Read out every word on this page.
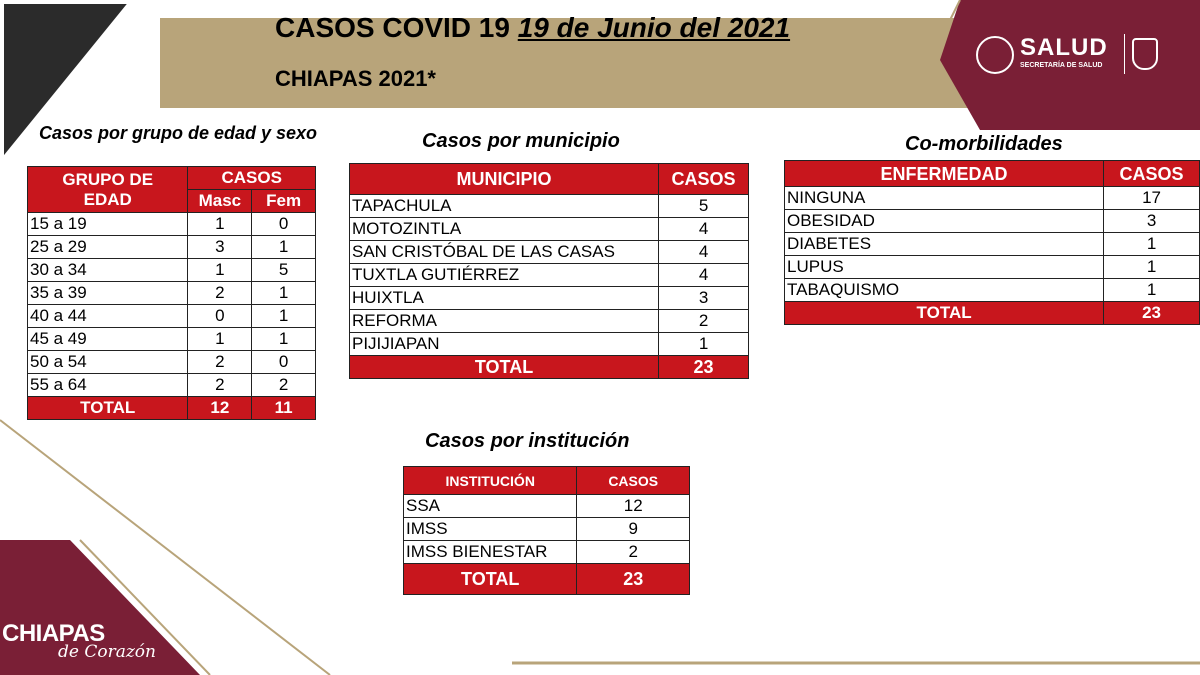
CASOS COVID 19 19 de Junio del 2021
CHIAPAS 2021*
SALUD
SECRETARÍA DE SALUD
CHIAPAS
de Corazón
Casos por grupo de edad y sexo
GRUPO DE EDAD	CASOS	
	Masc	Fem
15 a 19	1	0
25 a 29	3	1
30 a 34	1	5
35 a 39	2	1
40 a 44	0	1
45 a 49	1	1
50 a 54	2	0
55 a 64	2	2
TOTAL	12	11
Casos por municipio
MUNICIPIO	CASOS
TAPACHULA	5
MOTOZINTLA	4
SAN CRISTÓBAL DE LAS CASAS	4
TUXTLA GUTIÉRREZ	4
HUIXTLA	3
REFORMA	2
PIJIJIAPAN	1
TOTAL	23
Co-morbilidades
ENFERMEDAD	CASOS
NINGUNA	17
OBESIDAD	3
DIABETES	1
LUPUS	1
TABAQUISMO	1
TOTAL	23
Casos por institución
INSTITUCIÓN	CASOS
SSA	12
IMSS	9
IMSS BIENESTAR	2
TOTAL	23
